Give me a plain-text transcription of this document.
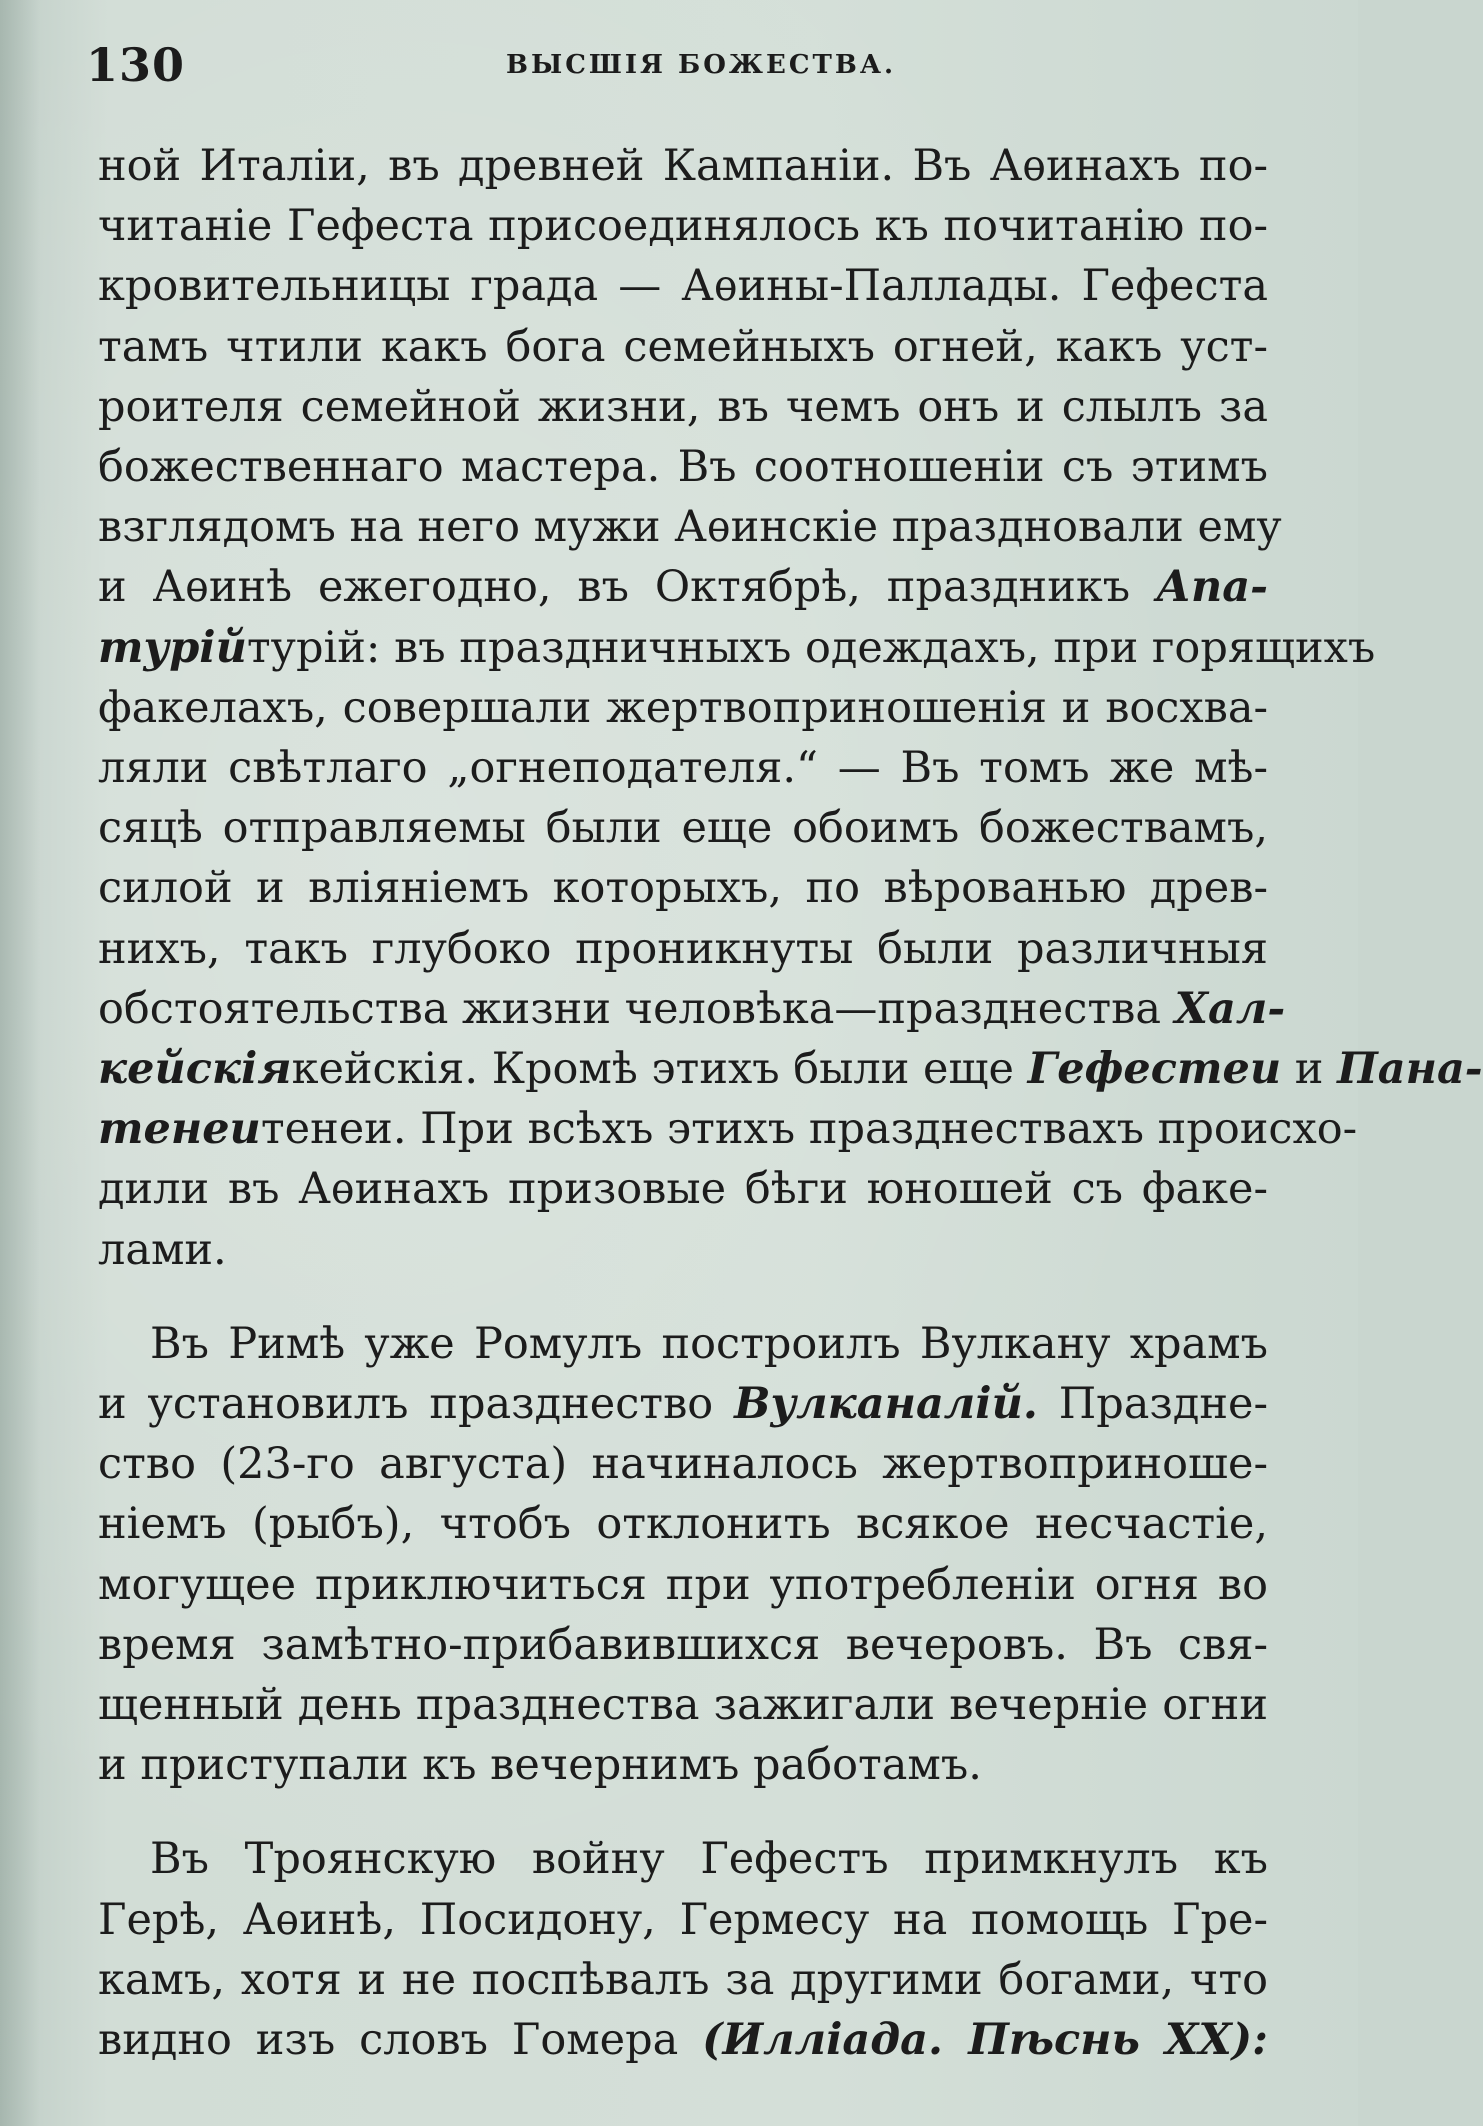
130	ВЫСШІЯ БОЖЕСТВА.

ной Италіи, въ древней Кампаніи. Въ Аѳинахъ по-
читаніе Гефеста присоединялось къ почитанію по-
кровительницы града — Аѳины-Паллады. Гефеста
тамъ чтили какъ бога семейныхъ огней, какъ уст-
роителя семейной жизни, въ чемъ онъ и слылъ за
божественнаго мастера. Въ соотношеніи съ этимъ
взглядомъ на него мужи Аѳинскіе праздновали ему
и Аѳинѣ ежегодно, въ Октябрѣ, праздникъ Апа-
турійтурій: въ праздничныхъ одеждахъ, при горящихъ
факелахъ, совершали жертвоприношенія и восхва-
ляли свѣтлаго „огнеподателя.“ — Въ томъ же мѣ-
сяцѣ отправляемы были еще обоимъ божествамъ,
силой и вліяніемъ которыхъ, по вѣрованью древ-
нихъ, такъ глубоко проникнуты были различныя
обстоятельства жизни человѣка—празднества Хал-
кейскіякейскія. Кромѣ этихъ были еще Гефестеи и Пана-
тенеитенеи. При всѣхъ этихъ празднествахъ происхо-
дили въ Аѳинахъ призовые бѣги юношей съ факе-
лами.

Въ Римѣ уже Ромулъ построилъ Вулкану храмъ
и установилъ празднество Вулканалій. Праздне-
ство (23-го августа) начиналось жертвоприноше-
ніемъ (рыбъ), чтобъ отклонить всякое несчастіе,
могущее приключиться при употребленіи огня во
время замѣтно-прибавившихся вечеровъ. Въ свя-
щенный день празднества зажигали вечерніе огни
и приступали къ вечернимъ работамъ.

Въ Троянскую войну Гефестъ примкнулъ къ
Герѣ, Аѳинѣ, Посидону, Гермесу на помощь Гре-
камъ, хотя и не поспѣвалъ за другими богами, что
видно изъ словъ Гомера (Илліада. Пѣснь XX):
